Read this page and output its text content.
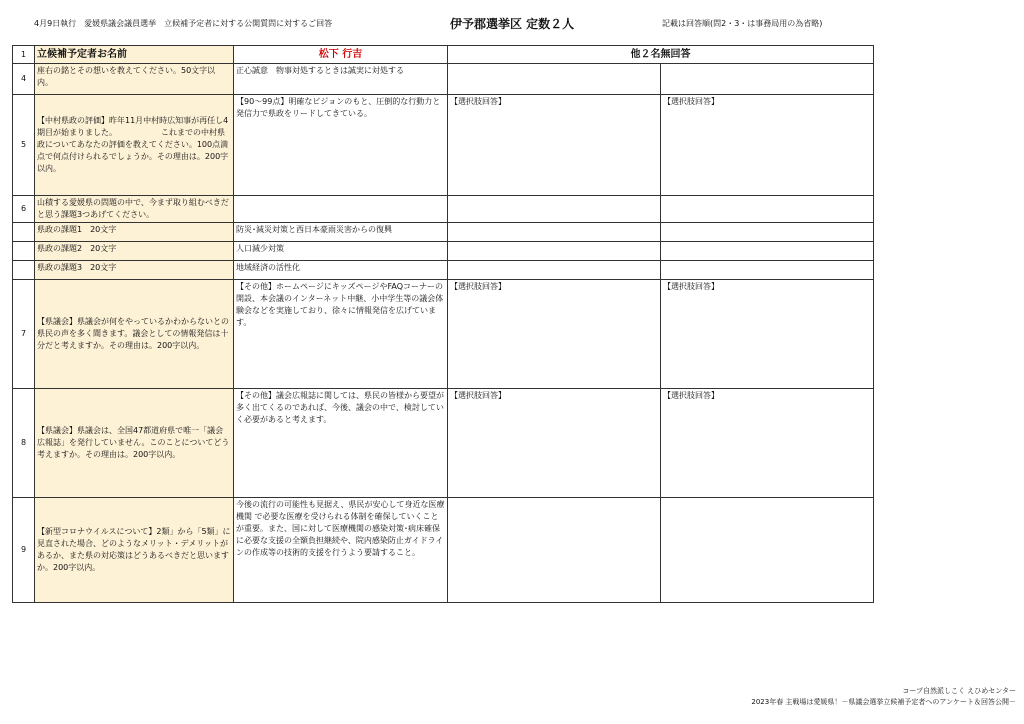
4月9日執行　愛媛県議会議員選挙　立候補予定者に対する公開質問に対するご回答	伊予郡選挙区 定数２人	記載は回答順(問2・3・は事務局用の為省略)
1	立候補予定者お名前	松下 行吉	他２名無回答	
4	座右の銘とその想いを教えてください。50文字以内。	正心誠意　物事対処するときは誠実に対処する		
5	【中村県政の評価】昨年11月中村時広知事が再任し4期目が始まりました。　　　　　　これまでの中村県政についてあなたの評価を教えてください。100点満点で何点付けられるでしょうか。その理由は。200字以内。	【90～99点】明確なビジョンのもと、圧倒的な行動力と発信力で県政をリードしてきている。	【選択肢回答】	【選択肢回答】
6	山積する愛媛県の問題の中で、今まず取り組むべきだと思う課題3つあげてください。			
	県政の課題1　20文字	防災･減災対策と西日本豪雨災害からの復興		
	県政の課題2　20文字	人口減少対策		
	県政の課題3　20文字	地域経済の活性化		
7	【県議会】県議会が何をやっているかわからないとの県民の声を多く聞きます。議会としての情報発信は十分だと考えますか。その理由は。200字以内。	【その他】ホームページにキッズページやFAQコーナーの開設、本会議のインターネット中継、小中学生等の議会体験会などを実施しており、徐々に情報発信を広げています。	【選択肢回答】	【選択肢回答】
8	【県議会】県議会は、全国47都道府県で唯一「議会広報誌」を発行していません。このことについてどう考えますか。その理由は。200字以内。	【その他】議会広報誌に関しては、県民の皆様から要望が多く出てくるのであれば、今後、議会の中で、検討してい く必要があると考えます。	【選択肢回答】	【選択肢回答】
9	【新型コロナウイルスについて】2類」から「5類」に見直された場合、どのようなメリット・デメリットがあるか、また県の対応策はどうあるべきだと思いますか。200字以内。	今後の流行の可能性も見据え、県民が安心して身近な医療機関 で必要な医療を受けられる体制を確保していくことが重要。また、国に対して医療機関の感染対策･病床確保に必要な支援の全額負担継続や、院内感染防止ガイドラインの作成等の技術的支援を行うよう要請すること。		
コープ自然派しこく えひめセンター
2023年春 主戦場は愛媛県！－県議会選挙立候補予定者へのアンケート＆回答公開－
